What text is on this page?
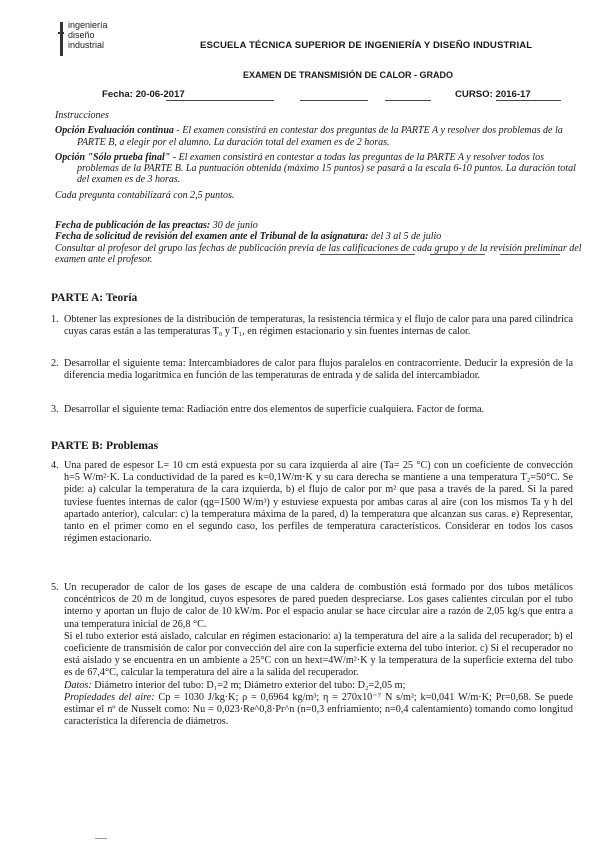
ingeniería
diseño
industrial	ESCUELA TÉCNICA SUPERIOR DE INGENIERÍA Y DISEÑO INDUSTRIAL
EXAMEN DE TRANSMISIÓN DE CALOR - GRADO
Fecha: 20-06-2017	CURSO: 2016-17

Instrucciones

Opción Evaluación continua - El examen consistirá en contestar dos preguntas de la PARTE A y resolver dos problemas de la PARTE B, a elegir por el alumno. La duración total del examen es de 2 horas.

Opción "Sólo prueba final" - El examen consistirá en contestar a todas las preguntas de la PARTE A y resolver todos los problemas de la PARTE B. La puntuación obtenida (máximo 15 puntos) se pasará a la escala 6-10 puntos. La duración total del examen es de 3 horas.

Cada pregunta contabilizará con 2,5 puntos.

Fecha de publicación de las preactas: 30 de junio

Fecha de solicitud de revisión del examen ante el Tribunal de la asignatura: del 3 al 5 de julio

Consultar al profesor del grupo las fechas de publicación previa de las calificaciones de cada grupo y de la revisión preliminar del examen ante el profesor.

PARTE A: Teoría
1. Obtener las expresiones de la distribución de temperaturas, la resistencia térmica y el flujo de calor para una pared cilíndrica cuyas caras están a las temperaturas T₀ y T₁, en régimen estacionario y sin fuentes internas de calor.
2. Desarrollar el siguiente tema: Intercambiadores de calor para flujos paralelos en contracorriente. Deducir la expresión de la diferencia media logarítmica en función de las temperaturas de entrada y de salida del intercambiador.
3. Desarrollar el siguiente tema: Radiación entre dos elementos de superficie cualquiera. Factor de forma.
PARTE B: Problemas
4. Una pared de espesor L= 10 cm está expuesta por su cara izquierda al aire (Ta= 25 °C) con un coeficiente de convección h=5 W/m²·K. La conductividad de la pared es k=0,1W/m·K y su cara derecha se mantiene a una temperatura T₂=50°C. Se pide: a) calcular la temperatura de la cara izquierda, b) el flujo de calor por m² que pasa a través de la pared. Si la pared tuviese fuentes internas de calor (qg=1500 W/m³) y estuviese expuesta por ambas caras al aire (con los mismos Ta y h del apartado anterior), calcular: c) la temperatura máxima de la pared, d) la temperatura que alcanzan sus caras. e) Representar, tanto en el primer como en el segundo caso, los perfiles de temperatura característicos. Considerar en todos los casos régimen estacionario.
5. Un recuperador de calor de los gases de escape de una caldera de combustión está formado por dos tubos metálicos concéntricos de 20 m de longitud, cuyos espesores de pared pueden despreciarse. Los gases calientes circulan por el tubo interno y aportan un flujo de calor de 10 kW/m. Por el espacio anular se hace circular aire a razón de 2,05 kg/s que entra a una temperatura inicial de 26,8 °C.
Si el tubo exterior está aislado, calcular en régimen estacionario: a) la temperatura del aire a la salida del recuperador; b) el coeficiente de transmisión de calor por convección del aire con la superficie externa del tubo interior. c) Si el recuperador no está aislado y se encuentra en un ambiente a 25°C con un hext=4W/m²·K y la temperatura de la superficie externa del tubo es de 67,4°C, calcular la temperatura del aire a la salida del recuperador.
Datos: Diámetro interior del tubo: D₁=2 m; Diámetro exterior del tubo: D₂=2,05 m;
Propiedades del aire: Cp = 1030 J/kg·K; ρ = 0,6964 kg/m³; η = 270x10⁻⁷ N s/m²; k=0,041 W/m·K; Pr=0,68. Se puede estimar el nº de Nusselt como: Nu = 0,023·Re^0,8·Pr^n (n=0,3 enfriamiento; n=0,4 calentamiento) tomando como longitud característica la diferencia de diámetros.
